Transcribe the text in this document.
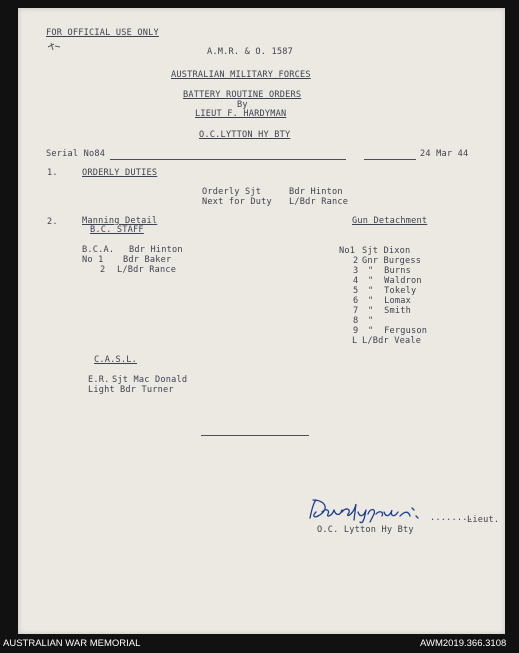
FOR OFFICIAL USE ONLY
A.M.R. & O. 1587
AUSTRALIAN MILITARY FORCES
BATTERY ROUTINE ORDERS
By
LIEUT F. HARDYMAN
O.C.LYTTON HY BTY
Serial No84	24 Mar 44
1.	ORDERLY DUTIES
Orderly Sjt	Bdr Hinton
Next for Duty L/Bdr Rance
2.	Manning Detail
B.C. STAFF
Gun Detachment
B.C.A. Bdr Hinton
No 1 Bdr Baker
2 L/Bdr Rance
No1 Sjt Dixon
2 Gnr Burgess
3 "  Burns
4 "  Waldron
5 "  Tokely
6 "  Lomax
7 "  Smith
8 "
9 "  Ferguson
L L/Bdr Veale
C.A.S.L.
E.R. Sjt Mac Donald
Light Bdr Turner
........
Lieut.
O.C. Lytton Hy Bty
AUSTRALIAN WAR MEMORIAL	AWM2019.366.3108
